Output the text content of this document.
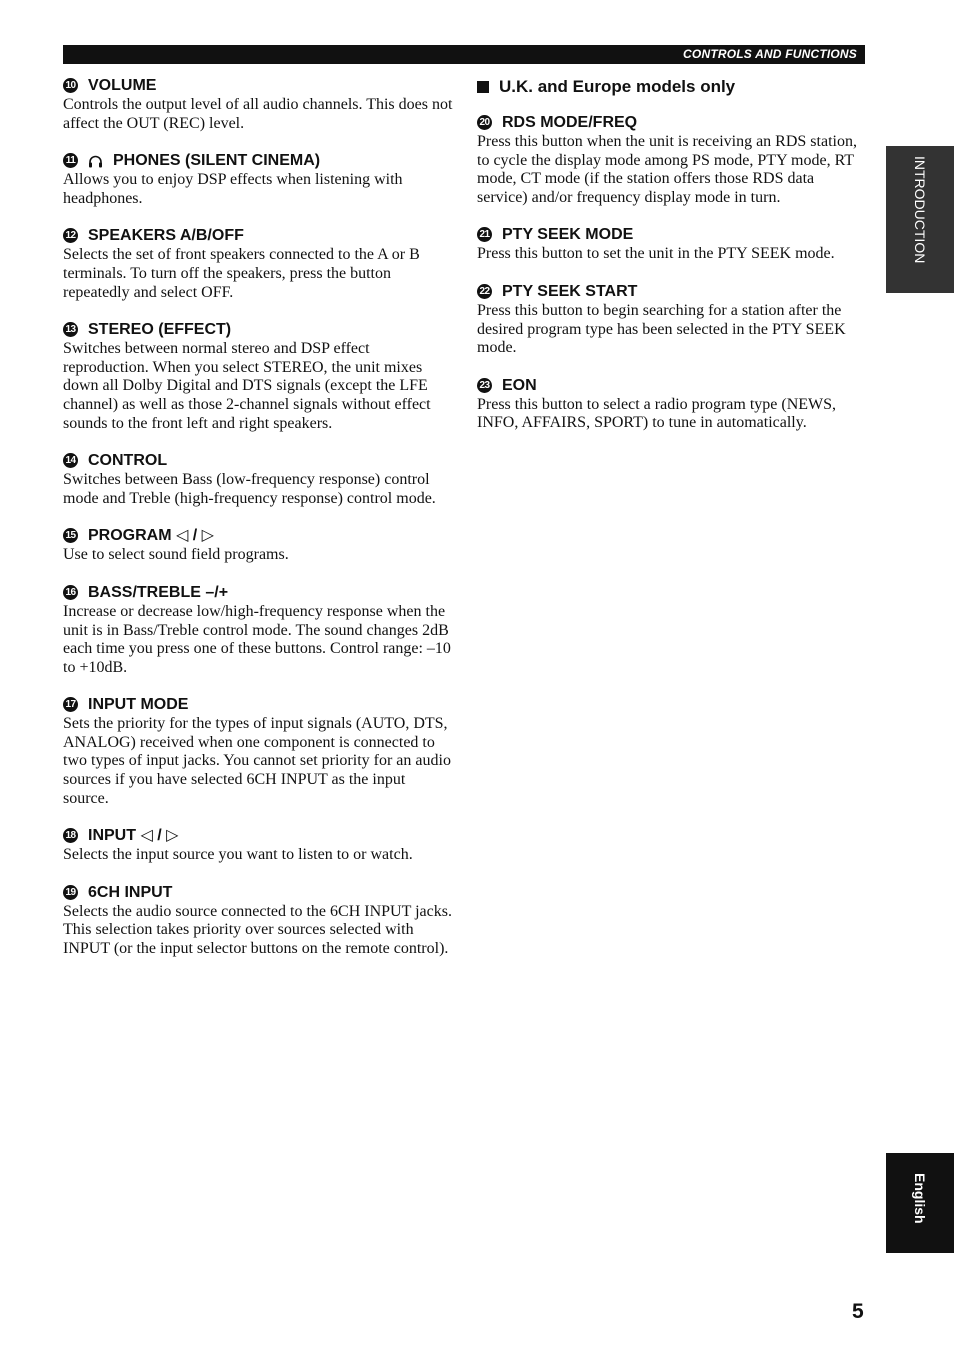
CONTROLS AND FUNCTIONS
10 VOLUME

Controls the output level of all audio channels. This does not affect the OUT (REC) level.

11 PHONES (SILENT CINEMA)

Allows you to enjoy DSP effects when listening with headphones.

12 SPEAKERS A/B/OFF

Selects the set of front speakers connected to the A or B terminals. To turn off the speakers, press the button repeatedly and select OFF.

13 STEREO (EFFECT)

Switches between normal stereo and DSP effect reproduction. When you select STEREO, the unit mixes down all Dolby Digital and DTS signals (except the LFE channel) as well as those 2-channel signals without effect sounds to the front left and right speakers.

14 CONTROL

Switches between Bass (low-frequency response) control mode and Treble (high-frequency response) control mode.

15 PROGRAM ◁ / ▷

Use to select sound field programs.

16 BASS/TREBLE –/+

Increase or decrease low/high-frequency response when the unit is in Bass/Treble control mode. The sound changes 2dB each time you press one of these buttons. Control range: –10 to +10dB.

17 INPUT MODE

Sets the priority for the types of input signals (AUTO, DTS, ANALOG) received when one component is connected to two types of input jacks. You cannot set priority for an audio sources if you have selected 6CH INPUT as the input source.

18 INPUT ◁ / ▷

Selects the input source you want to listen to or watch.

19 6CH INPUT

Selects the audio source connected to the 6CH INPUT jacks. This selection takes priority over sources selected with INPUT (or the input selector buttons on the remote control).

U.K. and Europe models only
20 RDS MODE/FREQ

Press this button when the unit is receiving an RDS station, to cycle the display mode among PS mode, PTY mode, RT mode, CT mode (if the station offers those RDS data service) and/or frequency display mode in turn.

21 PTY SEEK MODE

Press this button to set the unit in the PTY SEEK mode.

22 PTY SEEK START

Press this button to begin searching for a station after the desired program type has been selected in the PTY SEEK mode.

23 EON

Press this button to select a radio program type (NEWS, INFO, AFFAIRS, SPORT) to tune in automatically.

INTRODUCTION
English
5
